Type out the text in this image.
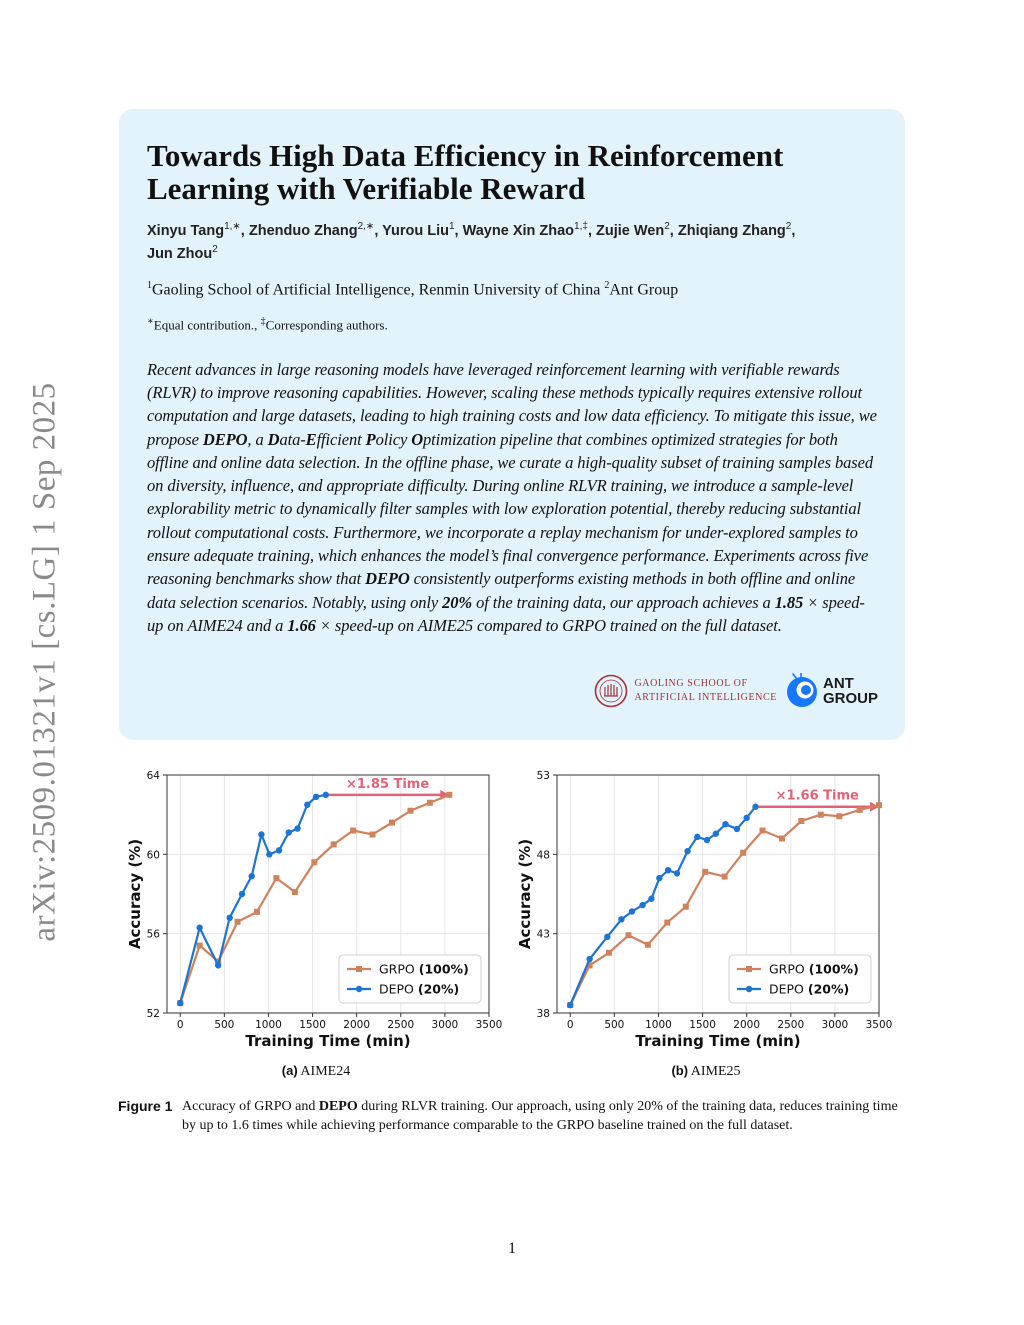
arXiv:2509.01321v1 [cs.LG] 1 Sep 2025
Towards High Data Efficiency in Reinforcement Learning with Verifiable Reward
Xinyu Tang$^{1,∗}$, Zhenduo Zhang$^{2,∗}$, Yurou Liu$^1$, Wayne Xin Zhao$^{1,\ddagger}$, Zujie Wen$^2$, Zhiqiang Zhang$^2$,
Jun Zhou$^2$
$^1$Gaoling School of Artificial Intelligence, Renmin University of China $^2$Ant Group
∗Equal contribution., ‡Corresponding authors.
Recent advances in large reasoning models have leveraged reinforcement learning with verifiable rewards (RLVR) to improve reasoning capabilities. However, scaling these methods typically requires extensive rollout computation and large datasets, leading to high training costs and low data efficiency. To mitigate this issue, we propose DEPO, a Data-Efficient Policy Optimization pipeline that combines optimized strategies for both offline and online data selection. In the offline phase, we curate a high-quality subset of training samples based on diversity, influence, and appropriate difficulty. During online RLVR training, we introduce a sample-level explorability metric to dynamically filter samples with low exploration potential, thereby reducing substantial rollout computational costs. Furthermore, we incorporate a replay mechanism for under-explored samples to ensure adequate training, which enhances the model’s final convergence performance. Experiments across five reasoning benchmarks show that DEPO consistently outperforms existing methods in both offline and online data selection scenarios. Notably, using only 20% of the training data, our approach achieves a 1.85 × speed-up on AIME24 and a 1.66 × speed-up on AIME25 compared to GRPO trained on the full dataset.
GAOLING SCHOOL OF
ARTIFICIAL INTELLIGENCE
ANT
GROUP
0	500 1000 1500 2000 2500 3000 3500
52
56
60
64
Training Time (min)
Accuracy (%)
×1.85 Time
GRPO (100%)
DEPO (20%)
0	500 1000 1500 2000 2500 3000 3500
38
43
48
53
Training Time (min)
Accuracy (%)
×1.66 Time
GRPO (100%)
DEPO (20%)
(a) AIME24	(b) AIME25
Figure 1 Accuracy of GRPO and DEPO during RLVR training. Our approach, using only 20% of the training data, reduces training time by up to 1.6 times while achieving performance comparable to the GRPO baseline trained on the full dataset.
1
